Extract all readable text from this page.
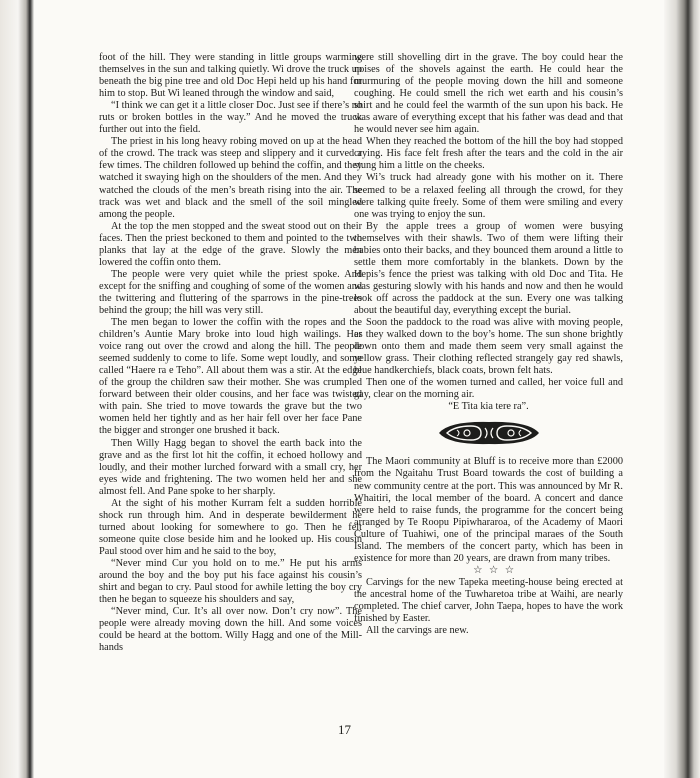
foot of the hill. They were standing in little groups warming themselves in the sun and talking quietly. Wi drove the truck up beneath the big pine tree and old Doc Hepi held up his hand for him to stop. But Wi leaned through the window and said,

“I think we can get it a little closer Doc. Just see if there’s no ruts or broken bottles in the way.” And he moved the truck further out into the field.

The priest in his long heavy robing moved on up at the head of the crowd. The track was steep and slippery and it curved a few times. The children followed up behind the coffin, and they watched it swaying high on the shoulders of the men. And they watched the clouds of the men’s breath rising into the air. The track was wet and black and the smell of the soil mingled among the people.

At the top the men stopped and the sweat stood out on their faces. Then the priest beckoned to them and pointed to the two planks that lay at the edge of the grave. Slowly the men lowered the coffin onto them.

The people were very quiet while the priest spoke. And except for the sniffing and coughing of some of the women and the twittering and fluttering of the sparrows in the pine-trees behind the group; the hill was very still.

The men began to lower the coffin with the ropes and the children’s Auntie Mary broke into loud high wailings. Her voice rang out over the crowd and along the hill. The people seemed suddenly to come to life. Some wept loudly, and some called “Haere ra e Teho”. All about them was a stir. At the edge of the group the children saw their mother. She was crumpled forward between their older cousins, and her face was twisted with pain. She tried to move towards the grave but the two women held her tightly and as her hair fell over her face Pane the bigger and stronger one brushed it back.

Then Willy Hagg began to shovel the earth back into the grave and as the first lot hit the coffin, it echoed hollowy and loudly, and their mother lurched forward with a small cry, her eyes wide and frightening. The two women held her and she almost fell. And Pane spoke to her sharply.

At the sight of his mother Kurram felt a sudden horrible shock run through him. And in desperate bewilderment he turned about looking for somewhere to go. Then he felt someone quite close beside him and he looked up. His cousin Paul stood over him and he said to the boy,

“Never mind Cur you hold on to me.” He put his arms around the boy and the boy put his face against his cousin’s shirt and began to cry. Paul stood for awhile letting the boy cry then he began to squeeze his shoulders and say,

“Never mind, Cur. It’s all over now. Don’t cry now”. The people were already moving down the hill. And some voices could be heard at the bottom. Willy Hagg and one of the Mill-hands

were still shovelling dirt in the grave. The boy could hear the noises of the shovels against the earth. He could hear the murmuring of the people moving down the hill and someone coughing. He could smell the rich wet earth and his cousin’s shirt and he could feel the warmth of the sun upon his back. He was aware of everything except that his father was dead and that he would never see him again.

When they reached the bottom of the hill the boy had stopped crying. His face felt fresh after the tears and the cold in the air stung him a little on the cheeks.

Wi’s truck had already gone with his mother on it. There seemed to be a relaxed feeling all through the crowd, for they were talking quite freely. Some of them were smiling and every one was trying to enjoy the sun.

By the apple trees a group of women were busying themselves with their shawls. Two of them were lifting their babies onto their backs, and they bounced them around a little to settle them more comfortably in the blankets. Down by the Hepis’s fence the priest was talking with old Doc and Tita. He was gesturing slowly with his hands and now and then he would look off across the paddock at the sun. Every one was talking about the beautiful day, everything except the burial.

Soon the paddock to the road was alive with moving people, as they walked down to the boy’s home. The sun shone brightly down onto them and made them seem very small against the yellow grass. Their clothing reflected strangely gay red shawls, blue handkerchiefs, black coats, brown felt hats.

Then one of the women turned and called, her voice full and gay, clear on the morning air.

“E Tita kia tere ra”.

The Maori community at Bluff is to receive more than £2000 from the Ngaitahu Trust Board towards the cost of building a new community centre at the port. This was announced by Mr R. Whaitiri, the local member of the board. A concert and dance were held to raise funds, the programme for the concert being arranged by Te Roopu Pipiwhararoa, of the Academy of Maori Culture of Tuahiwi, one of the principal maraes of the South Island. The members of the concert party, which has been in existence for more than 20 years, are drawn from many tribes.

☆ ☆ ☆

Carvings for the new Tapeka meeting-house being erected at the ancestral home of the Tuwharetoa tribe at Waihi, are nearly completed. The chief carver, John Taepa, hopes to have the work finished by Easter.

All the carvings are new.

17
